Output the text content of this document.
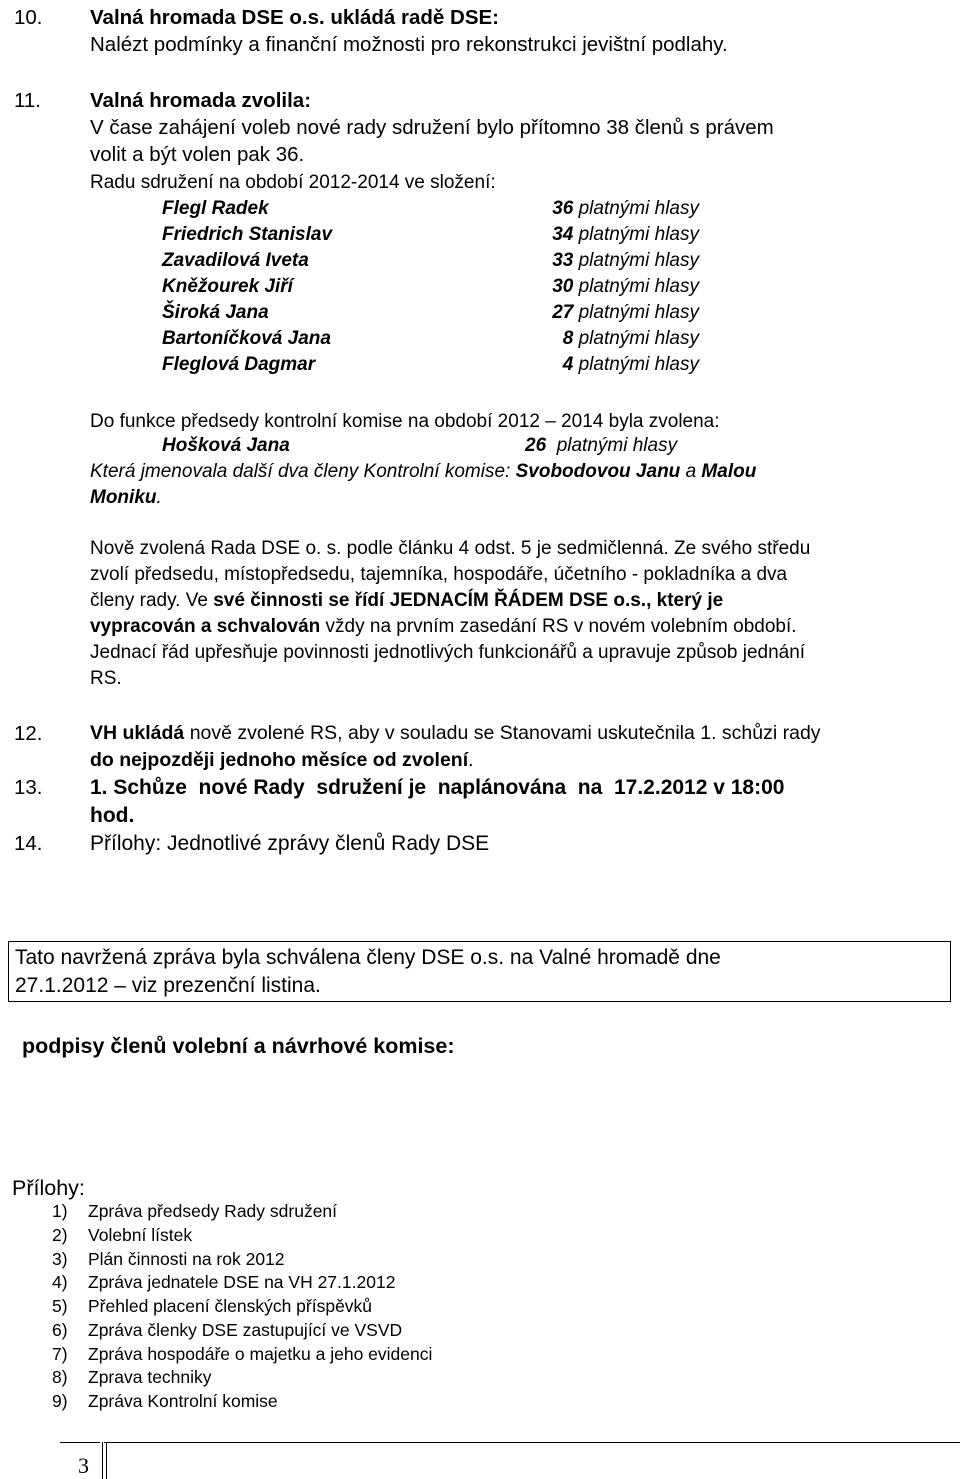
10. Valná hromada DSE o.s. ukládá radě DSE:
Nalézt podmínky a finanční možnosti pro rekonstrukci jevištní podlahy.
11. Valná hromada zvolila:
V čase zahájení voleb nové rady sdružení bylo přítomno 38 členů s právem
volit a být volen pak 36.
Radu sdružení na období 2012-2014 ve složení:
Flegl Radek	36 platnými hlasy
Friedrich Stanislav	34 platnými hlasy
Zavadilová Iveta	33 platnými hlasy
Kněžourek Jiří	30 platnými hlasy
Široká Jana	27 platnými hlasy
Bartoníčková Jana	8 platnými hlasy
Fleglová Dagmar	4 platnými hlasy
Do funkce předsedy kontrolní komise na období 2012 – 2014 byla zvolena:
Hošková Jana	26 platnými hlasy
Která jmenovala další dva členy Kontrolní komise: Svobodovou Janu a Malou
Moniku.
Nově zvolená Rada DSE o. s. podle článku 4 odst. 5 je sedmičlenná. Ze svého středu
zvolí předsedu, místopředsedu, tajemníka, hospodáře, účetního - pokladníka a dva
členy rady. Ve své činnosti se řídí JEDNACÍM ŘÁDEM DSE o.s., který je
vypracován a schvalován vždy na prvním zasedání RS v novém volebním období.
Jednací řád upřesňuje povinnosti jednotlivých funkcionářů a upravuje způsob jednání
RS.
12. VH ukládá nově zvolené RS, aby v souladu se Stanovami uskutečnila 1. schůzi rady
do nejpozději jednoho měsíce od zvolení.
13. 1. Schůze  nové Rady  sdružení je  naplánována  na  17.2.2012 v 18:00
hod.
14. Přílohy: Jednotlivé zprávy členů Rady DSE
Tato navržená zpráva byla schválena členy DSE o.s. na Valné hromadě dne
27.1.2012 – viz prezenční listina.
podpisy členů volební a návrhové komise:
Přílohy:
1) Zpráva předsedy Rady sdružení
2) Volební lístek
3) Plán činnosti na rok 2012
4) Zpráva jednatele DSE na VH 27.1.2012
5) Přehled placení členských příspěvků
6) Zpráva členky DSE zastupující ve VSVD
7) Zpráva hospodáře o majetku a jeho evidenci
8) Zprava techniky
9) Zpráva Kontrolní komise
3
